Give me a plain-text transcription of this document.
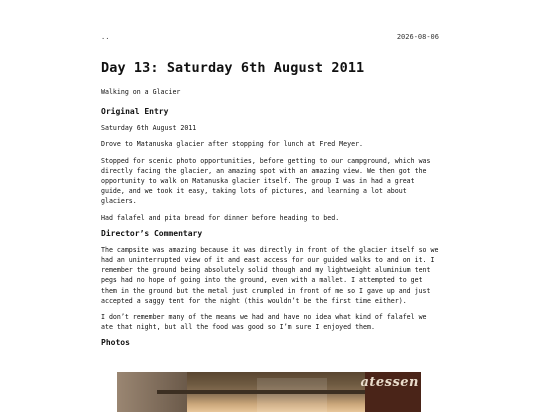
..	2026-08-06
Day 13: Saturday 6th August 2011

Walking on a Glacier

Original Entry

Saturday 6th August 2011

Drove to Matanuska glacier after stopping for lunch at Fred Meyer.

Stopped for scenic photo opportunities, before getting to our campground, which was directly facing the glacier, an amazing spot with an amazing view. We then got the opportunity to walk on Matanuska glacier itself. The group I was in had a great guide, and we took it easy, taking lots of pictures, and learning a lot about glaciers.

Had falafel and pita bread for dinner before heading to bed.

Director’s Commentary

The campsite was amazing because it was directly in front of the glacier itself so we had an uninterrupted view of it and east access for our guided walks to and on it. I remember the ground being absolutely solid though and my lightweight aluminium tent pegs had no hope of going into the ground, even with a mallet. I attempted to get them in the ground but the metal just crumpled in front of me so I gave up and just accepted a saggy tent for the night (this wouldn’t be the first time either).

I don’t remember many of the means we had and have no idea what kind of falafel we ate that night, but all the food was good so I’m sure I enjoyed them.

Photos
atessen
